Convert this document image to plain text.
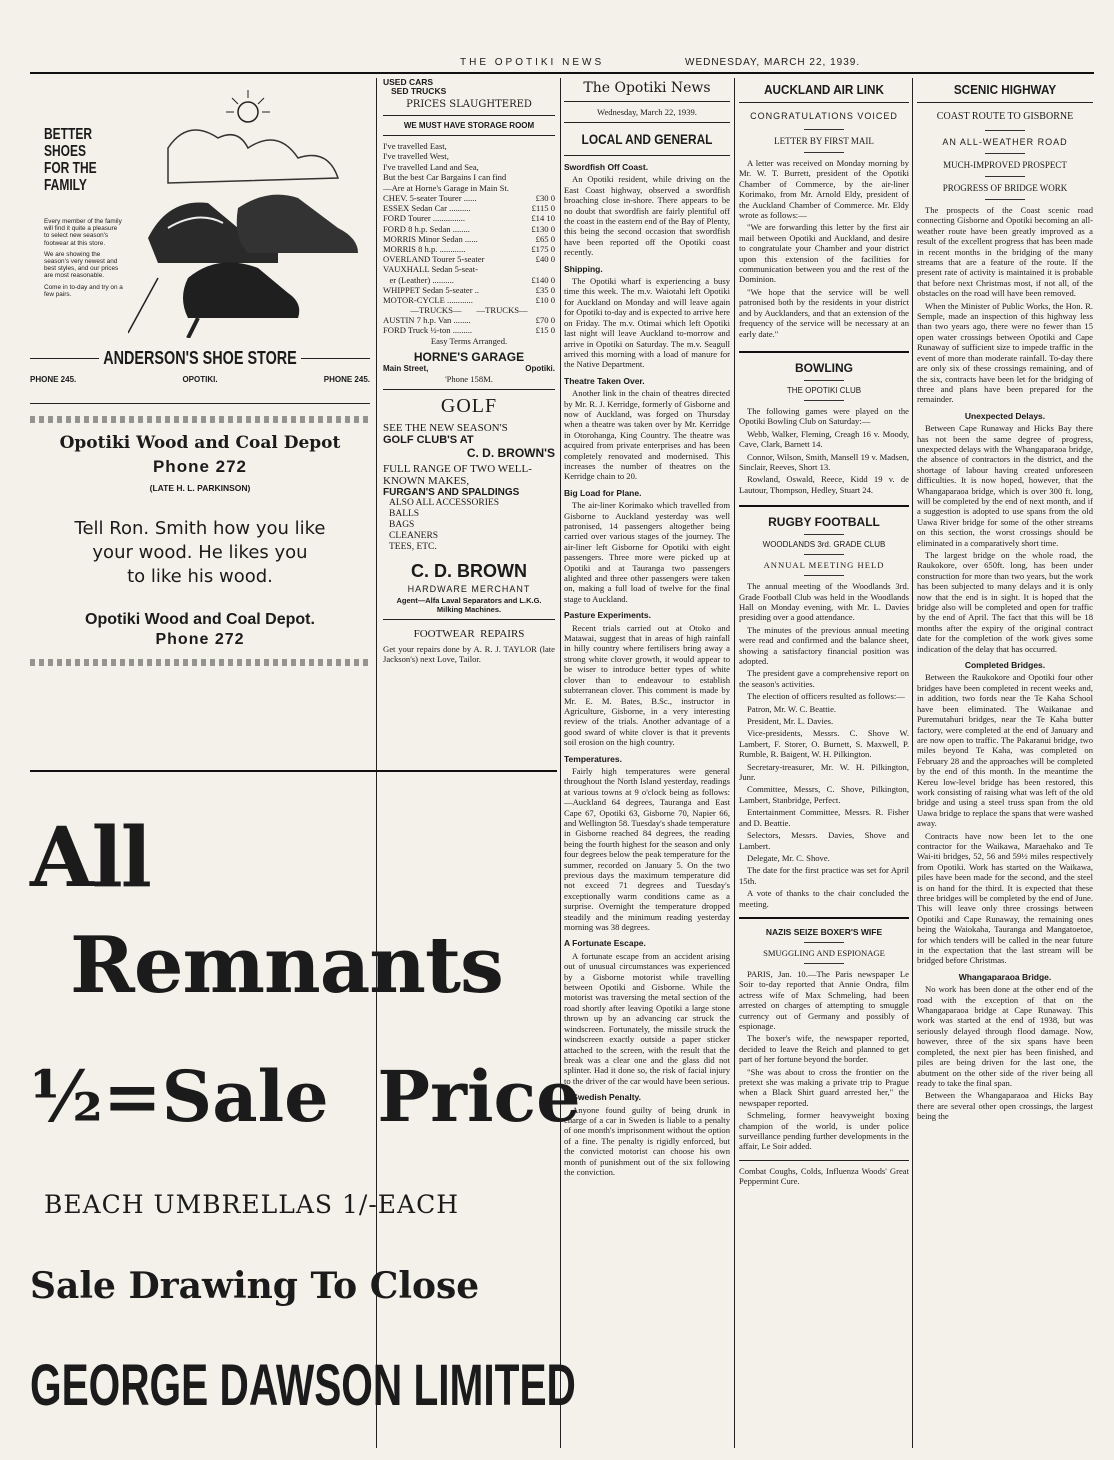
THE OPOTIKI NEWS	WEDNESDAY, MARCH 22, 1939.
BETTER
SHOES
FOR THE
FAMILY

Every member of the family will find it quite a pleasure to select new season's footwear at this store.

We are showing the season's very newest and best styles, and our prices are most reasonable.

Come in to-day and try on a few pairs.

ANDERSON'S SHOE STORE
PHONE 245.	OPOTIKI.	PHONE 245.
Opotiki Wood and Coal Depot
Phone 272
(LATE H. L. PARKINSON)
Tell Ron. Smith how you like
your wood. He likes you
to like his wood.
Opotiki Wood and Coal Depot.
Phone 272
All
Remnants
½=Sale  Price
BEACH UMBRELLAS 1/-EACH
Sale Drawing To Close
GEORGE DAWSON LIMITED
USED CARS
SED TRUCKS
PRICES SLAUGHTERED
WE MUST HAVE STORAGE ROOM
I've travelled East,
I've travelled West,
I've travelled Land and Sea,
But the best Car Bargains I can find
—Are at Horne's Garage in Main St.
CHEV. 5-seater Tourer ......	£30 0
ESSEX Sedan Car ..........	£115 0
FORD Tourer ...............	£14 10
FORD 8 h.p. Sedan ........	£130 0
MORRIS Minor Sedan ......	£65 0
MORRIS 8 h.p. ............	£175 0
OVERLAND Tourer 5-seater	£40 0
VAUXHALL Sedan 5-seat-
er (Leather) ..........	£140 0
WHIPPET Sedan 5-seater ..	£35 0
MOTOR-CYCLE ............	£10 0
—TRUCKS—       —TRUCKS—
AUSTIN 7 h.p. Van ........	£70 0
FORD Truck ½-ton .........	£15 0
Easy Terms Arranged.
HORNE'S GARAGE
Main Street,	Opotiki.
'Phone 158M.
GOLF
SEE THE NEW SEASON'S
GOLF CLUB'S AT
C. D. BROWN'S
FULL RANGE OF TWO WELL-
KNOWN MAKES,
FURGAN'S AND SPALDINGS
ALSO ALL ACCESSORIES
BALLS
BAGS
CLEANERS
TEES, ETC.
C. D. BROWN
HARDWARE MERCHANT
Agent—Alfa Laval Separators and L.K.G. Milking Machines.
FOOTWEAR  REPAIRS
Get your repairs done by A. R. J. TAYLOR (late Jackson's) next Love, Tailor.
The Opotiki News
Wednesday, March 22, 1939.
LOCAL AND GENERAL
Swordfish Off Coast.

An Opotiki resident, while driving on the East Coast highway, observed a swordfish broaching close in-shore. There appears to be no doubt that swordfish are fairly plentiful off the coast in the eastern end of the Bay of Plenty, this being the second occasion that swordfish have been reported off the Opotiki coast recently.

Shipping.

The Opotiki wharf is experiencing a busy time this week. The m.v. Waiotahi left Opotiki for Auckland on Monday and will leave again for Opotiki to-day and is expected to arrive here on Friday. The m.v. Otimai which left Opotiki last night will leave Auckland to-morrow and arrive in Opotiki on Saturday. The m.v. Seagull arrived this morning with a load of manure for the Native Department.

Theatre Taken Over.

Another link in the chain of theatres directed by Mr. R. J. Kerridge, formerly of Gisborne and now of Auckland, was forged on Thursday when a theatre was taken over by Mr. Kerridge in Otorohanga, King Country. The theatre was acquired from private enterprises and has been completely renovated and modernised. This increases the number of theatres on the Kerridge chain to 20.

Big Load for Plane.

The air-liner Korimako which travelled from Gisborne to Auckland yesterday was well patronised, 14 passengers altogether being carried over various stages of the journey. The air-liner left Gisborne for Opotiki with eight passengers. Three more were picked up at Opotiki and at Tauranga two passengers alighted and three other passengers were taken on, making a full load of twelve for the final stage to Auckland.

Pasture Experiments.

Recent trials carried out at Otoko and Matawai, suggest that in areas of high rainfall in hilly country where fertilisers bring away a strong white clover growth, it would appear to be wiser to introduce better types of white clover than to endeavour to establish subterranean clover. This comment is made by Mr. E. M. Bates, B.Sc., instructor in Agriculture, Gisborne, in a very interesting review of the trials. Another advantage of a good sward of white clover is that it prevents soil erosion on the high country.

Temperatures.

Fairly high temperatures were general throughout the North Island yesterday, readings at various towns at 9 o'clock being as follows:—Auckland 64 degrees, Tauranga and East Cape 67, Opotiki 63, Gisborne 70, Napier 66, and Wellington 58. Tuesday's shade temperature in Gisborne reached 84 degrees, the reading being the fourth highest for the season and only four degrees below the peak temperature for the summer, recorded on January 5. On the two previous days the maximum temperature did not exceed 71 degrees and Tuesday's exceptionally warm conditions came as a surprise. Overnight the temperature dropped steadily and the minimum reading yesterday morning was 38 degrees.

A Fortunate Escape.

A fortunate escape from an accident arising out of unusual circumstances was experienced by a Gisborne motorist while travelling between Opotiki and Gisborne. While the motorist was traversing the metal section of the road shortly after leaving Opotiki a large stone thrown up by an advancing car struck the windscreen. Fortunately, the missile struck the windscreen exactly outside a paper sticker attached to the screen, with the result that the break was a clear one and the glass did not splinter. Had it done so, the risk of facial injury to the driver of the car would have been serious.

A Swedish Penalty.

Anyone found guilty of being drunk in charge of a car in Sweden is liable to a penalty of one month's imprisonment without the option of a fine. The penalty is rigidly enforced, but the convicted motorist can choose his own month of punishment out of the six following the conviction.

AUCKLAND AIR LINK
CONGRATULATIONS VOICED
LETTER BY FIRST MAIL

A letter was received on Monday morning by Mr. W. T. Burrett, president of the Opotiki Chamber of Commerce, by the air-liner Korimako, from Mr. Arnold Eldy, president of the Auckland Chamber of Commerce. Mr. Eldy wrote as follows:—

"We are forwarding this letter by the first air mail between Opotiki and Auckland, and desire to congratulate your Chamber and your district upon this extension of the facilities for communication between you and the rest of the Dominion.

"We hope that the service will be well patronised both by the residents in your district and by Aucklanders, and that an extension of the frequency of the service will be necessary at an early date."

BOWLING
THE OPOTIKI CLUB

The following games were played on the Opotiki Bowling Club on Saturday:—

Webb, Walker, Fleming, Creagh 16 v. Moody, Cave, Clark, Barnett 14.

Connor, Wilson, Smith, Mansell 19 v. Madsen, Sinclair, Reeves, Short 13.

Rowland, Oswald, Reece, Kidd 19 v. de Lautour, Thompson, Hedley, Stuart 24.

RUGBY FOOTBALL
WOODLANDS 3rd. GRADE CLUB
ANNUAL MEETING HELD

The annual meeting of the Woodlands 3rd. Grade Football Club was held in the Woodlands Hall on Monday evening, with Mr. L. Davies presiding over a good attendance.

The minutes of the previous annual meeting were read and confirmed and the balance sheet, showing a satisfactory financial position was adopted.

The president gave a comprehensive report on the season's activities.

The election of officers resulted as follows:—

Patron, Mr. W. C. Beattie.

President, Mr. L. Davies.

Vice-presidents, Messrs. C. Shove W. Lambert, F. Storer, O. Burnett, S. Maxwell, P. Rumble, R. Baigent, W. H. Pilkington.

Secretary-treasurer, Mr. W. H. Pilkington, Junr.

Committee, Messrs, C. Shove, Pilkington, Lambert, Stanbridge, Perfect.

Entertainment Committee, Messrs. R. Fisher and D. Beattie.

Selectors, Messrs. Davies, Shove and Lambert.

Delegate, Mr. C. Shove.

The date for the first practice was set for April 15th.

A vote of thanks to the chair concluded the meeting.

NAZIS SEIZE BOXER'S WIFE
SMUGGLING AND ESPIONAGE

PARIS, Jan. 10.—The Paris newspaper Le Soir to-day reported that Annie Ondra, film actress wife of Max Schmeling, had been arrested on charges of attempting to smuggle currency out of Germany and possibly of espionage.

The boxer's wife, the newspaper reported, decided to leave the Reich and planned to get part of her fortune beyond the border.

"She was about to cross the frontier on the pretext she was making a private trip to Prague when a Black Shirt guard arrested her," the newspaper reported.

Schmeling, former heavyweight boxing champion of the world, is under police surveillance pending further developments in the affair, Le Soir added.

Combat Coughs, Colds, Influenza Woods' Great Peppermint Cure.
SCENIC HIGHWAY
COAST ROUTE TO GISBORNE
AN ALL-WEATHER ROAD
MUCH-IMPROVED PROSPECT
PROGRESS OF BRIDGE WORK

The prospects of the Coast scenic road connecting Gisborne and Opotiki becoming an all-weather route have been greatly improved as a result of the excellent progress that has been made in recent months in the bridging of the many streams that are a feature of the route. If the present rate of activity is maintained it is probable that before next Christmas most, if not all, of the obstacles on the road will have been removed.

When the Minister of Public Works, the Hon. R. Semple, made an inspection of this highway less than two years ago, there were no fewer than 15 open water crossings between Opotiki and Cape Runaway of sufficient size to impede traffic in the event of more than moderate rainfall. To-day there are only six of these crossings remaining, and of the six, contracts have been let for the bridging of three and plans have been prepared for the remainder.

Unexpected Delays.

Between Cape Runaway and Hicks Bay there has not been the same degree of progress, unexpected delays with the Whangaparaoa bridge, the absence of contractors in the district, and the shortage of labour having created unforeseen difficulties. It is now hoped, however, that the Whangaparaoa bridge, which is over 300 ft. long, will be completed by the end of next month, and if a suggestion is adopted to use spans from the old Uawa River bridge for some of the other streams on this section, the worst crossings should be eliminated in a comparatively short time.

The largest bridge on the whole road, the Raukokore, over 650ft. long, has been under construction for more than two years, but the work has been subjected to many delays and it is only now that the end is in sight. It is hoped that the bridge also will be completed and open for traffic by the end of April. The fact that this will be 18 months after the expiry of the original contract date for the completion of the work gives some indication of the delay that has occurred.

Completed Bridges.

Between the Raukokore and Opotiki four other bridges have been completed in recent weeks and, in addition, two fords near the Te Kaha School have been eliminated. The Waikanae and Puremutahuri bridges, near the Te Kaha butter factory, were completed at the end of January and are now open to traffic. The Pakaranui bridge, two miles beyond Te Kaha, was completed on February 28 and the approaches will be completed by the end of this month. In the meantime the Kereu low-level bridge has been restored, this work consisting of raising what was left of the old bridge and using a steel truss span from the old Uawa bridge to replace the spans that were washed away.

Contracts have now been let to the one contractor for the Waikawa, Maraehako and Te Wai-iti bridges, 52, 56 and 59½ miles respectively from Opotiki. Work has started on the Waikawa, piles have been made for the second, and the steel is on hand for the third. It is expected that these three bridges will be completed by the end of June. This will leave only three crossings between Opotiki and Cape Runaway, the remaining ones being the Waiokaha, Tauranga and Mangatoetoe, for which tenders will be called in the near future in the expectation that the last stream will be bridged before Christmas.

Whangaparaoa Bridge.

No work has been done at the other end of the road with the exception of that on the Whangaparaoa bridge at Cape Runaway. This work was started at the end of 1938, but was seriously delayed through flood damage. Now, however, three of the six spans have been completed, the next pier has been finished, and piles are being driven for the last one, the abutment on the other side of the river being all ready to take the final span.

Between the Whangaparaoa and Hicks Bay there are several other open crossings, the largest being the
